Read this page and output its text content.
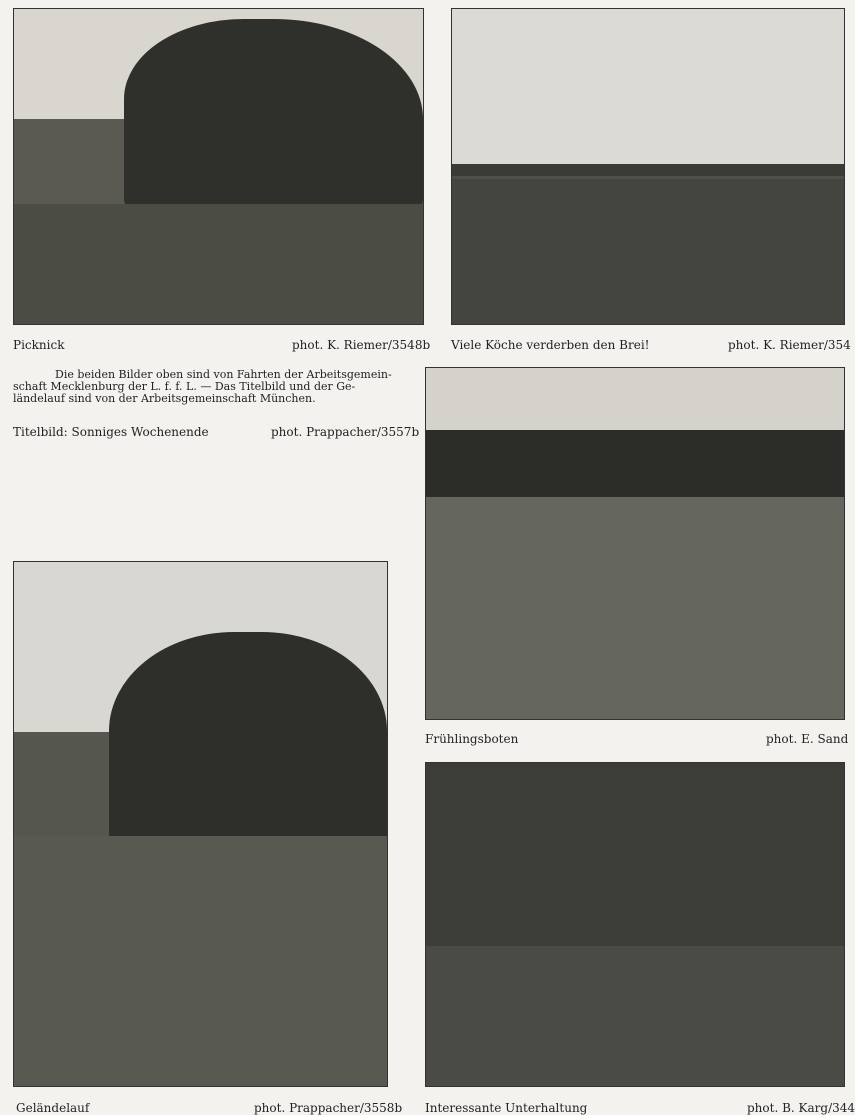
Picknick	phot. K. Riemer/3548b Viele Köche verderben den Brei!	phot. K. Riemer/354
Die beiden Bilder oben sind von Fahrten der Arbeitsgemein-
schaft Mecklenburg der L. f. f. L. — Das Titelbild und der Ge-
ländelauf sind von der Arbeitsgemeinschaft München.
Titelbild: Sonniges Wochenende	phot. Prappacher/3557b
Frühlingsboten	phot. E. Sand
Geländelauf	phot. Prappacher/3558b Interessante Unterhaltung	phot. B. Karg/344
